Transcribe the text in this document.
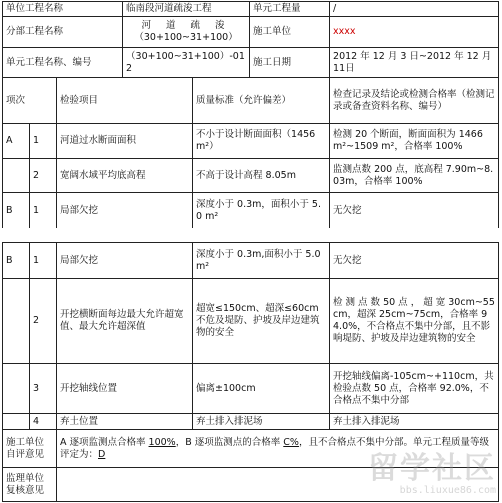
单位工程名称			临南段河道疏浚工程		单元工程量	/
分部工程名称			河 道 疏 浚
（30+100~31+100）		施工单位	xxxx
单元工程名称、编号			（30+100~31+100）-012		施工日期	2012 年 12 月 3 日~2012 年 12 月 11日
项次		检验项目		质量标准（允许偏差）		检查记录及结论或检测合格率（检测记录或备查资料名称、编号）
A	1	河道过水断面面积		不小于设计断面面积（1456 m²）		检测 20 个断面，断面面积为 1466 m²~1509 m²，合格率 100%
	2	宽阔水域平均底高程		不高于设计高程 8.05m		监测点数 200 点，底高程 7.90m~8.03m，合格率 100%
B	1	局部欠挖		深度小于 0.3m，面积小于 5.0 m²		无欠挖
B	1	局部欠挖	深度小于 0.3m,面积小于 5.0 m²	无欠挖
	2	开挖横断面每边最大允许超宽值、最大允许超深值	超宽≤150cm、超深≤60cm 不危及堤防、护坡及岸边建筑物的安全	检 测 点 数 50 点 ， 超 宽 30cm~55cm，超深 25cm~75cm，合格率 94.0%，不合格点不集中分部，且不影响堤防、护坡及岸边建筑物的安全
	3	开挖轴线位置	偏离±100cm	开挖轴线偏离-105cm~+110cm，共检验点数 50 点，合格率 92.0%，不合格点不集中分部
	4	弃土位置	弃土排入排泥场	弃土排入排泥场
施工单位自评意见		A 逐项监测点合格率 100%，B 逐项监测点的合格率 C%，且不合格点不集中分部。单元工程质量等级评定为：D		
监理单位复核意见				
留学社区
bbs.liuxue86.com
